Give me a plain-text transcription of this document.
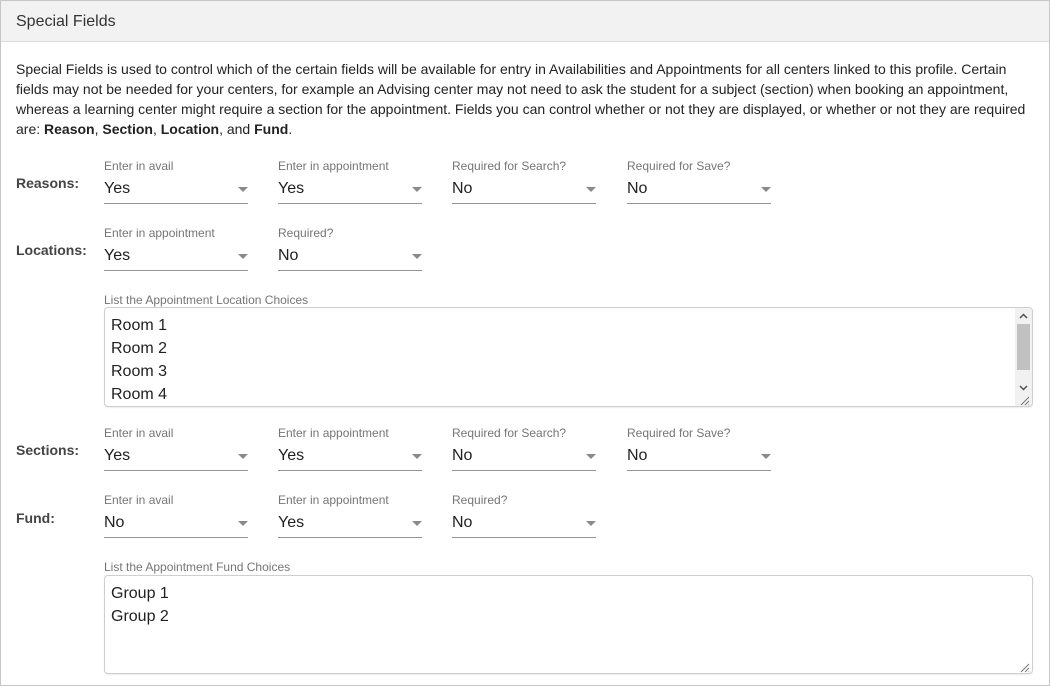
Special Fields
Special Fields is used to control which of the certain fields will be available for entry in Availabilities and Appointments for all centers linked to this profile. Certain fields may not be needed for your centers, for example an Advising center may not need to ask the student for a subject (section) when booking an appointment, whereas a learning center might require a section for the appointment. Fields you can control whether or not they are displayed, or whether or not they are required are: Reason, Section, Location, and Fund.
Reasons:
Enter in avail
Yes
Enter in appointment
Yes
Required for Search?
No
Required for Save?
No
Locations:
Enter in appointment
Yes
Required?
No
List the Appointment Location Choices
Room 1
Room 2
Room 3
Room 4
Sections:
Enter in avail
Yes
Enter in appointment
Yes
Required for Search?
No
Required for Save?
No
Fund:
Enter in avail
No
Enter in appointment
Yes
Required?
No
List the Appointment Fund Choices
Group 1
Group 2
